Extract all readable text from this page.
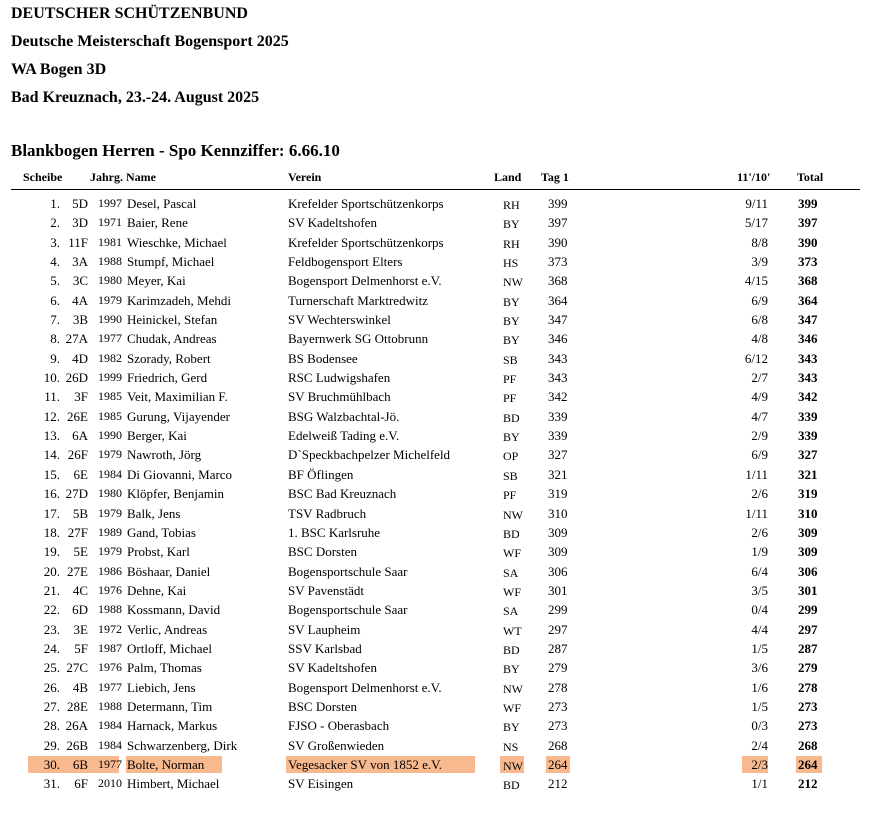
DEUTSCHER SCHÜTZENBUND
Deutsche Meisterschaft Bogensport 2025
WA Bogen 3D
Bad Kreuznach, 23.-24. August 2025
Blankbogen Herren - Spo Kennziffer: 6.66.10
Scheibe Jahrg. Name	Verein	Land Tag 1	11'/10' Total
1. 5D 1997 Desel, Pascal	Krefelder Sportschützenkorps	RH 399	9/11 399
2. 3D 1971 Baier, Rene	SV Kadeltshofen	BY 397	5/17 397
3. 11F 1981 Wieschke, Michael	Krefelder Sportschützenkorps	RH 390	8/8 390
4. 3A 1988 Stumpf, Michael	Feldbogensport Elters	HS 373	3/9 373
5. 3C 1980 Meyer, Kai	Bogensport Delmenhorst e.V.	NW 368	4/15 368
6. 4A 1979 Karimzadeh, Mehdi	Turnerschaft Marktredwitz	BY 364	6/9 364
7. 3B 1990 Heinickel, Stefan	SV Wechterswinkel	BY 347	6/8 347
8. 27A 1977 Chudak, Andreas	Bayernwerk SG Ottobrunn	BY 346	4/8 346
9. 4D 1982 Szorady, Robert	BS Bodensee	SB 343	6/12 343
10. 26D 1999 Friedrich, Gerd	RSC Ludwigshafen	PF 343	2/7 343
11.	3F 1985 Veit, Maximilian F.	SV Bruchmühlbach	PF 342	4/9 342
12. 26E 1985 Gurung, Vijayender	BSG Walzbachtal-Jö.	BD 339	4/7 339
13. 6A 1990 Berger, Kai	Edelweiß Tading e.V.	BY 339	2/9 339
14. 26F 1979 Nawroth, Jörg	D`Speckbachpelzer Michelfeld	OP 327	6/9 327
15.	6E 1984 Di Giovanni, Marco	BF Öflingen	SB 321	1/11 321
16. 27D 1980 Klöpfer, Benjamin	BSC Bad Kreuznach	PF 319	2/6 319
17. 5B 1979 Balk, Jens	TSV Radbruch	NW 310	1/11 310
18. 27F 1989 Gand, Tobias	1. BSC Karlsruhe	BD 309	2/6 309
19.	5E 1979 Probst, Karl	BSC Dorsten	WF 309	1/9 309
20. 27E 1986 Böshaar, Daniel	Bogensportschule Saar	SA 306	6/4 306
21. 4C 1976 Dehne, Kai	SV Pavenstädt	WF 301	3/5 301
22. 6D 1988 Kossmann, David	Bogensportschule Saar	SA 299	0/4 299
23.	3E 1972 Verlic, Andreas	SV Laupheim	WT 297	4/4 297
24.	5F 1987 Ortloff, Michael	SSV Karlsbad	BD 287	1/5 287
25. 27C 1976 Palm, Thomas	SV Kadeltshofen	BY 279	3/6 279
26. 4B 1977 Liebich, Jens	Bogensport Delmenhorst e.V.	NW 278	1/6 278
27. 28E 1988 Determann, Tim	BSC Dorsten	WF 273	1/5 273
28. 26A 1984 Harnack, Markus	FJSO - Oberasbach	BY 273	0/3 273
29. 26B 1984 Schwarzenberg, Dirk	SV Großenwieden	NS 268	2/4 268
30. 6B 1977 Bolte, Norman	Vegesacker SV von 1852 e.V.	NW 264	2/3 264
31.	6F 2010 Himbert, Michael	SV Eisingen	BD 212	1/1 212
